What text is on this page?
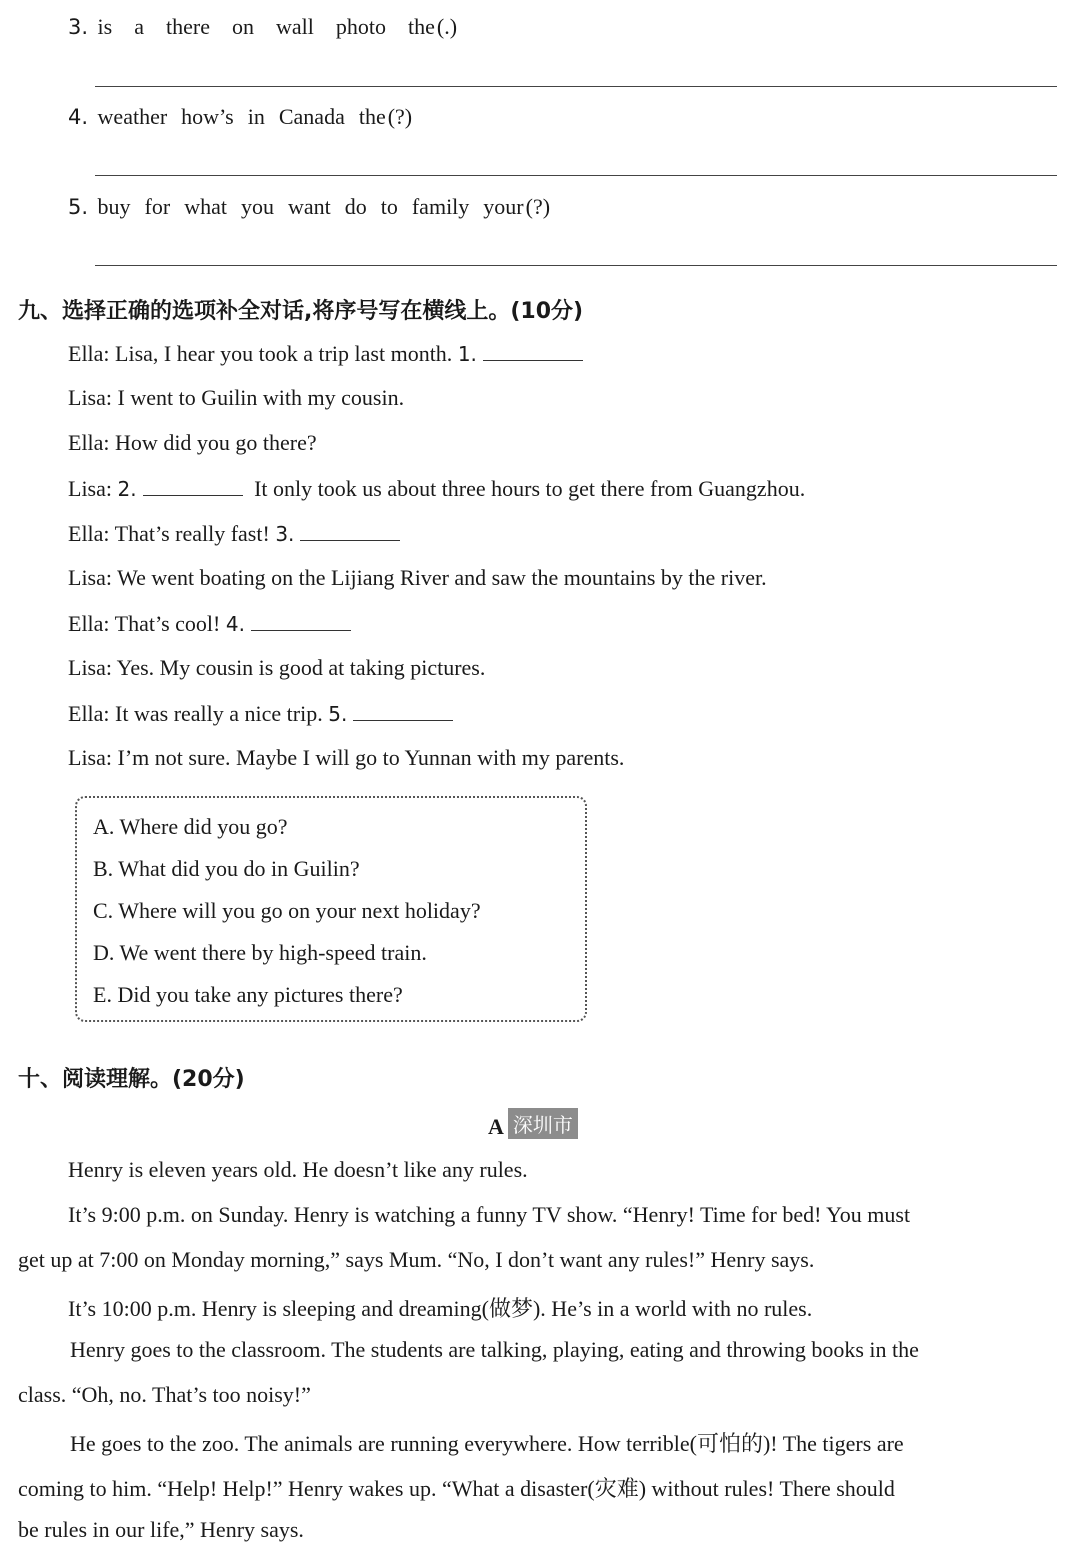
3. is a there on wall photo the(.)
4. weather how’s in Canada the(?)
5. buy for what you want do to family your(?)
九、选择正确的选项补全对话,将序号写在横线上。(10分)
Ella: Lisa, I hear you took a trip last month. 1.
Lisa: I went to Guilin with my cousin.
Ella: How did you go there?
Lisa: 2.	It only took us about three hours to get there from Guangzhou.
Ella: That’s really fast! 3.
Lisa: We went boating on the Lijiang River and saw the mountains by the river.
Ella: That’s cool! 4.
Lisa: Yes. My cousin is good at taking pictures.
Ella: It was really a nice trip. 5.
Lisa: I’m not sure. Maybe I will go to Yunnan with my parents.
A. Where did you go?
B. What did you do in Guilin?
C. Where will you go on your next holiday?
D. We went there by high-speed train.
E. Did you take any pictures there?
十、阅读理解。(20分)
A 深圳市
Henry is eleven years old. He doesn’t like any rules.
It’s 9:00 p.m. on Sunday. Henry is watching a funny TV show. “Henry! Time for bed! You must
get up at 7:00 on Monday morning,” says Mum. “No, I don’t want any rules!” Henry says.
It’s 10:00 p.m. Henry is sleeping and dreaming(做梦). He’s in a world with no rules.
Henry goes to the classroom. The students are talking, playing, eating and throwing books in the
class. “Oh, no. That’s too noisy!”
He goes to the zoo. The animals are running everywhere. How terrible(可怕的)! The tigers are
coming to him. “Help! Help!” Henry wakes up. “What a disaster(灾难) without rules! There should
be rules in our life,” Henry says.
